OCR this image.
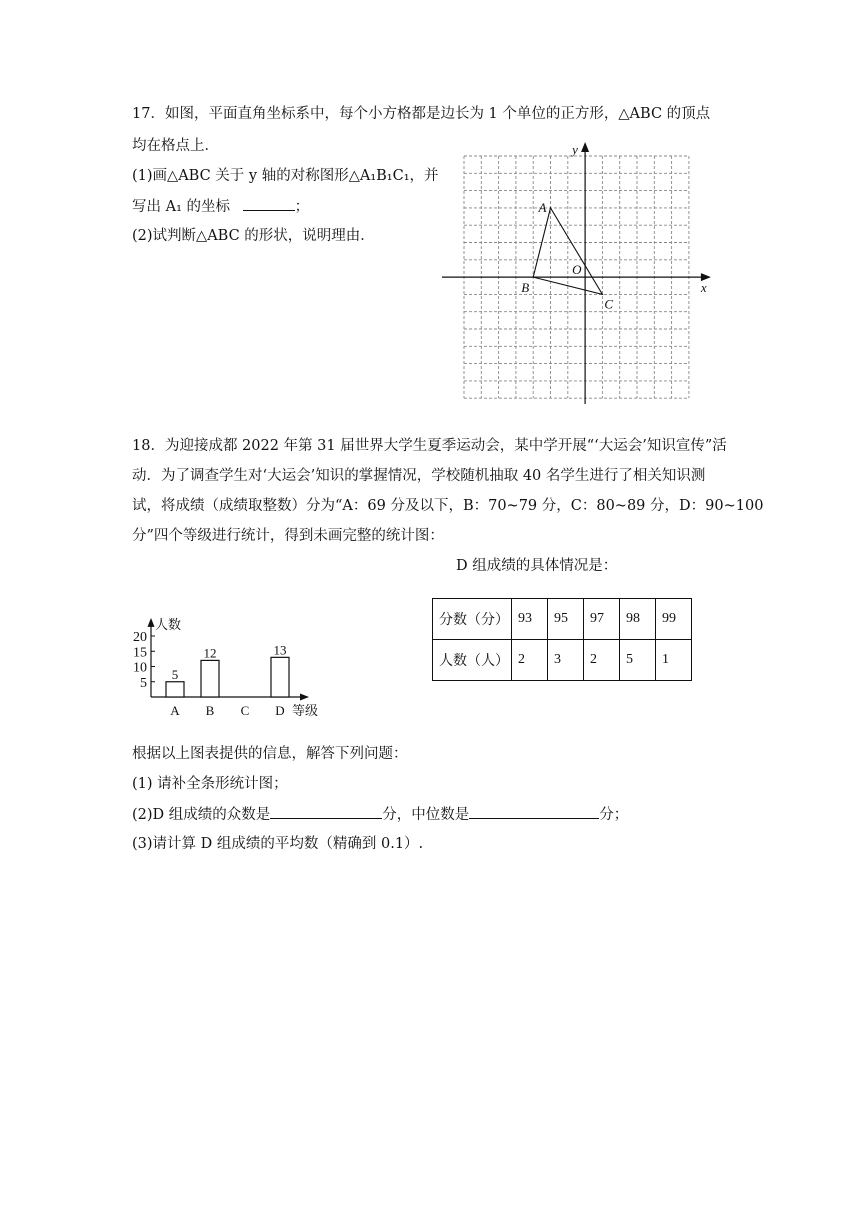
17．如图，平面直角坐标系中，每个小方格都是边长为 1 个单位的正方形，△ABC 的顶点
均在格点上．
(1)画△ABC 关于 y 轴的对称图形△A₁B₁C₁，并
写出 A₁ 的坐标	；
(2)试判断△ABC 的形状，说明理由．
x
y
O
A
B
C
18．为迎接成都 2022 年第 31 届世界大学生夏季运动会，某中学开展“‘大运会’知识宣传”活
动．为了调查学生对‘大运会’知识的掌握情况，学校随机抽取 40 名学生进行了相关知识测
试，将成绩（成绩取整数）分为“A：69 分及以下，B：70~79 分，C：80~89 分，D：90~100
分”四个等级进行统计，得到未画完整的统计图：
人数
等级
5
10
15
20
A
5
B
12
C D
13
D 组成绩的具体情况是：
分数（分）	93	95	97	98	99
人数（人）	2	3	2	5	1
根据以上图表提供的信息，解答下列问题：
(1) 请补全条形统计图；
(2)D 组成绩的众数是	分，中位数是	分；
(3)请计算 D 组成绩的平均数（精确到 0.1）.
